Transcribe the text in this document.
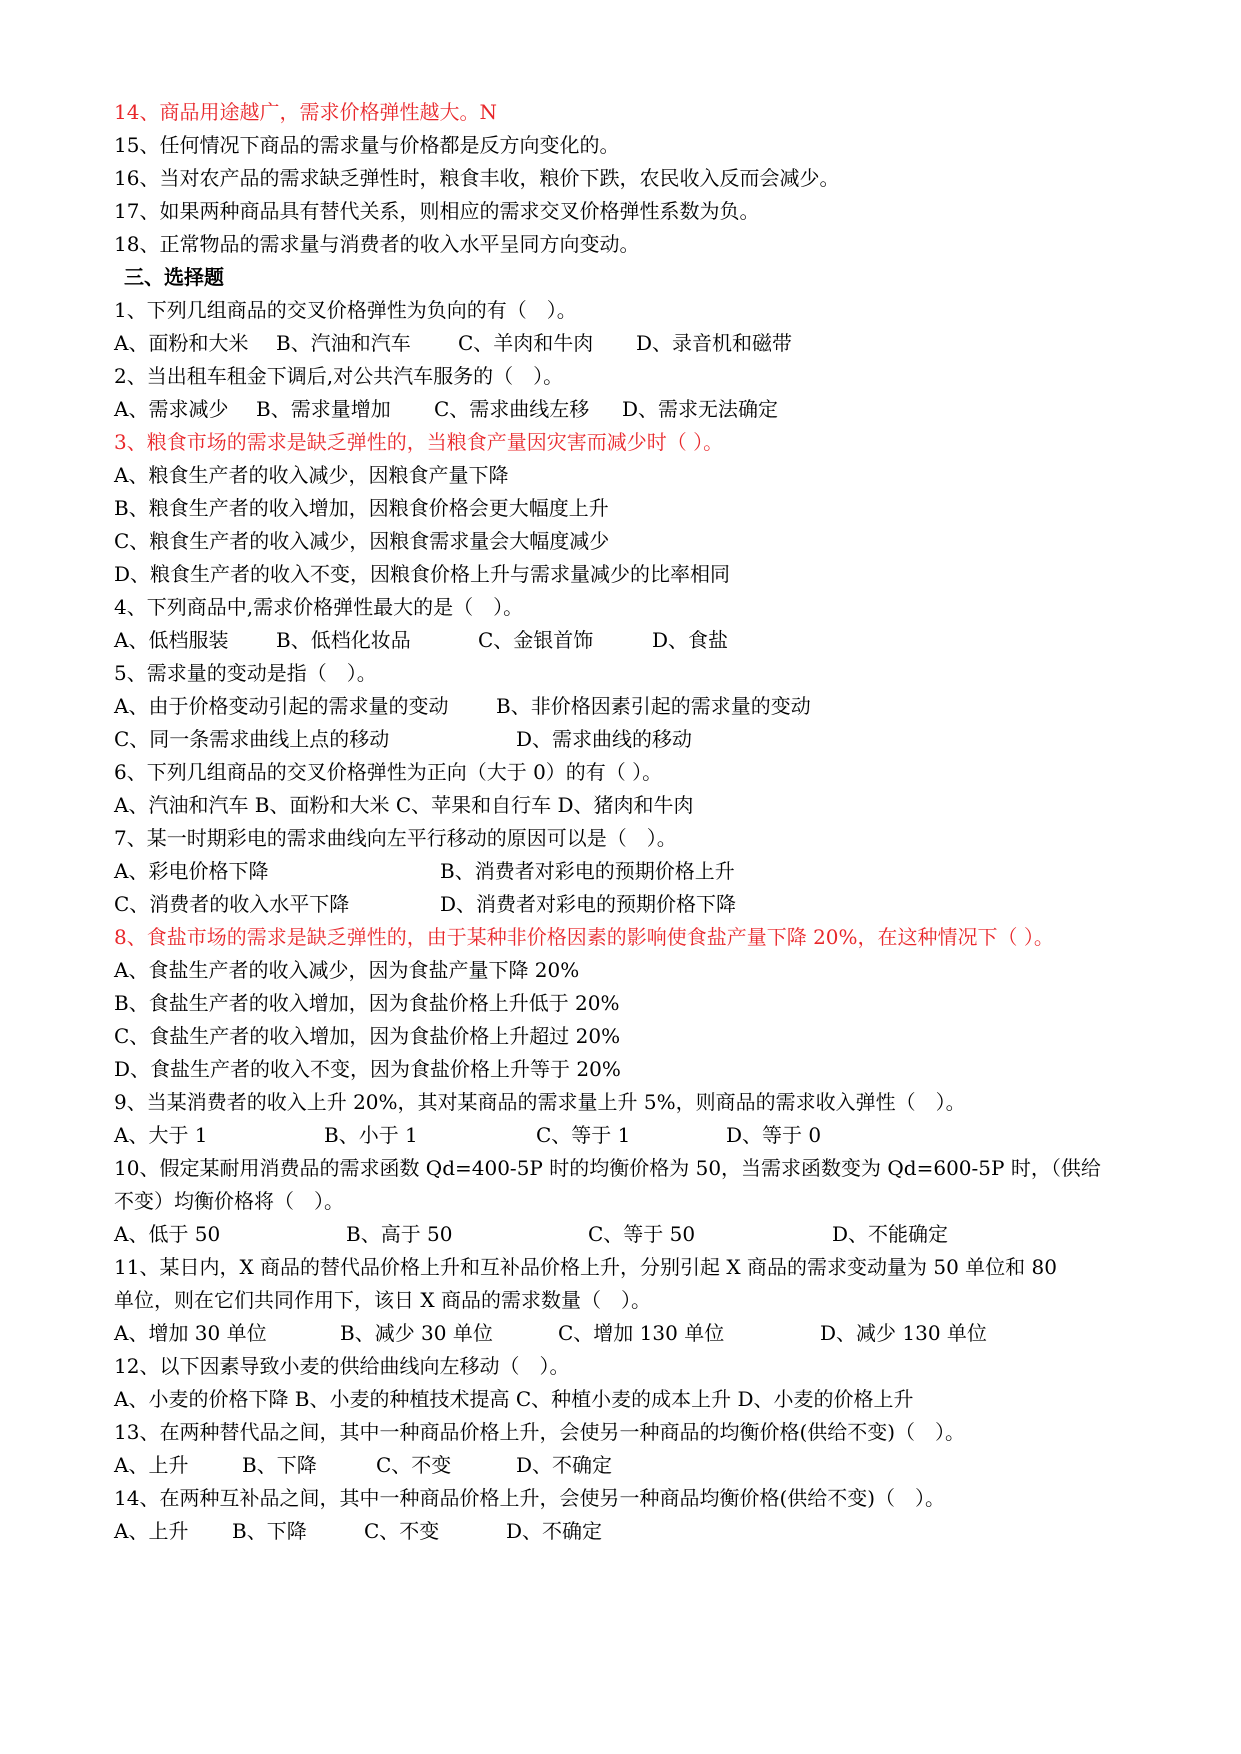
14、商品用途越广，需求价格弹性越大。N
15、任何情况下商品的需求量与价格都是反方向变化的。
16、当对农产品的需求缺乏弹性时，粮食丰收，粮价下跌，农民收入反而会减少。
17、如果两种商品具有替代关系，则相应的需求交叉价格弹性系数为负。
18、正常物品的需求量与消费者的收入水平呈同方向变动。
三、选择题
1、下列几组商品的交叉价格弹性为负向的有（　）。
A、面粉和大米 B、汽油和汽车 C、羊肉和牛肉 D、录音机和磁带
2、当出租车租金下调后,对公共汽车服务的（　）。
A、需求减少 B、需求量增加 C、需求曲线左移 D、需求无法确定
3、粮食市场的需求是缺乏弹性的，当粮食产量因灾害而减少时（ ）。
A、粮食生产者的收入减少，因粮食产量下降
B、粮食生产者的收入增加，因粮食价格会更大幅度上升
C、粮食生产者的收入减少，因粮食需求量会大幅度减少
D、粮食生产者的收入不变，因粮食价格上升与需求量减少的比率相同
4、下列商品中,需求价格弹性最大的是（　）。
A、低档服装 B、低档化妆品	C、金银首饰	D、食盐
5、需求量的变动是指（　）。
A、由于价格变动引起的需求量的变动 B、非价格因素引起的需求量的变动
C、同一条需求曲线上点的移动	D、需求曲线的移动
6、下列几组商品的交叉价格弹性为正向（大于 0）的有（ ）。
A、汽油和汽车 B、面粉和大米 C、苹果和自行车 D、猪肉和牛肉
7、某一时期彩电的需求曲线向左平行移动的原因可以是（　）。
A、彩电价格下降	B、消费者对彩电的预期价格上升
C、消费者的收入水平下降	D、消费者对彩电的预期价格下降
8、食盐市场的需求是缺乏弹性的，由于某种非价格因素的影响使食盐产量下降 20%，在这种情况下（ ）。
A、食盐生产者的收入减少，因为食盐产量下降 20%
B、食盐生产者的收入增加，因为食盐价格上升低于 20%
C、食盐生产者的收入增加，因为食盐价格上升超过 20%
D、食盐生产者的收入不变，因为食盐价格上升等于 20%
9、当某消费者的收入上升 20%，其对某商品的需求量上升 5%，则商品的需求收入弹性（　）。
A、大于 1	B、小于 1	C、等于 1	D、等于 0
10、假定某耐用消费品的需求函数 Qd=400-5P 时的均衡价格为 50，当需求函数变为 Qd=600-5P 时，（供给
不变）均衡价格将（　）。
A、低于 50	B、高于 50	C、等于 50	D、不能确定
11、某日内，X 商品的替代品价格上升和互补品价格上升，分别引起 X 商品的需求变动量为 50 单位和 80
单位，则在它们共同作用下，该日 X 商品的需求数量（　）。
A、增加 30 单位	B、减少 30 单位	C、增加 130 单位	D、减少 130 单位
12、以下因素导致小麦的供给曲线向左移动（　）。
A、小麦的价格下降 B、小麦的种植技术提高 C、种植小麦的成本上升 D、小麦的价格上升
13、在两种替代品之间，其中一种商品价格上升，会使另一种商品的均衡价格(供给不变)（　）。
A、上升	B、下降	C、不变	D、不确定
14、在两种互补品之间，其中一种商品价格上升，会使另一种商品均衡价格(供给不变)（　）。
A、上升 B、下降	C、不变	D、不确定
